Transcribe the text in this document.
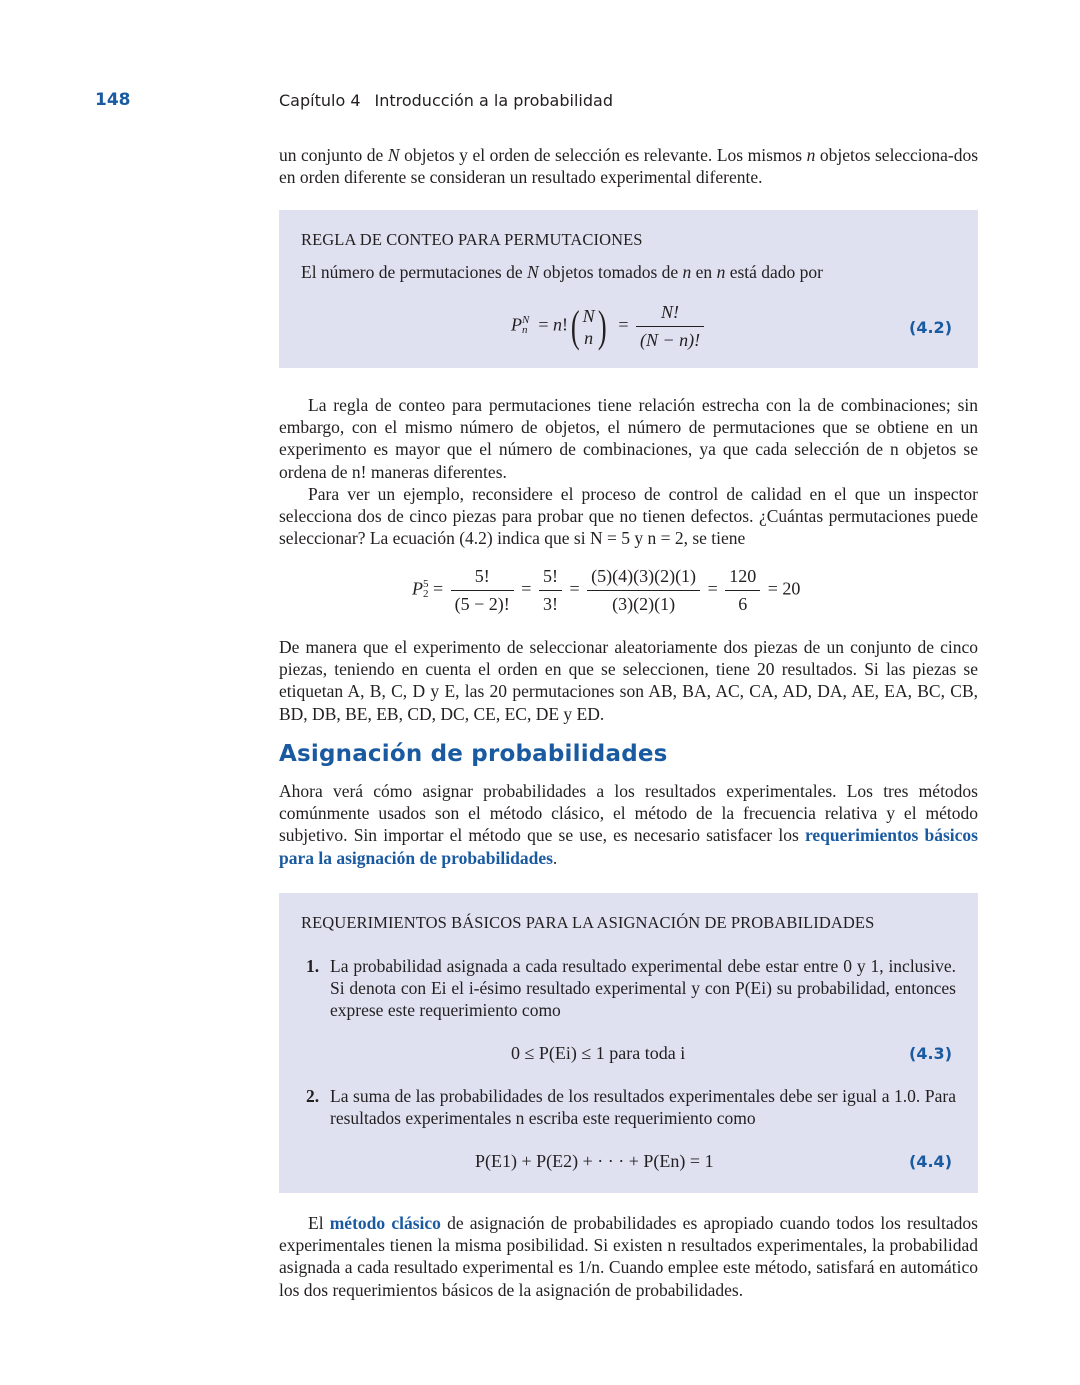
148	Capítulo 4 Introducción a la probabilidad

un conjunto de N objetos y el orden de selección es relevante. Los mismos n objetos selecciona-dos en orden diferente se consideran un resultado experimental diferente.

REGLA DE CONTEO PARA PERMUTACIONES
El número de permutaciones de N objetos tomados de n en n está dado por
PN
n  = n! ( N
n ) = $\frac{N!}{(N - n)!}$	(4.2)

La regla de conteo para permutaciones tiene relación estrecha con la de combinaciones; sin embargo, con el mismo número de objetos, el número de permutaciones que se obtiene en un experimento es mayor que el número de combinaciones, ya que cada selección de n objetos se ordena de n! maneras diferentes.

Para ver un ejemplo, reconsidere el proceso de control de calidad en el que un inspector selecciona dos de cinco piezas para probar que no tienen defectos. ¿Cuántas permutaciones puede seleccionar? La ecuación (4.2) indica que si N = 5 y n = 2, se tiene

P5
$2 = \frac{5!}{(5 - 2)!} = \frac{5!}{3!} = \frac{(5)(4)(3)(2)(1)}{(3)(2)(1)} = \frac{120}{6} = 20$

De manera que el experimento de seleccionar aleatoriamente dos piezas de un conjunto de cinco piezas, teniendo en cuenta el orden en que se seleccionen, tiene 20 resultados. Si las piezas se etiquetan A, B, C, D y E, las 20 permutaciones son AB, BA, AC, CA, AD, DA, AE, EA, BC, CB, BD, DB, BE, EB, CD, DC, CE, EC, DE y ED.

Asignación de probabilidades

Ahora verá cómo asignar probabilidades a los resultados experimentales. Los tres métodos comúnmente usados son el método clásico, el método de la frecuencia relativa y el método subjetivo. Sin importar el método que se use, es necesario satisfacer los requerimientos básicos para la asignación de probabilidades.

REQUERIMIENTOS BÁSICOS PARA LA ASIGNACIÓN DE PROBABILIDADES
1. La probabilidad asignada a cada resultado experimental debe estar entre 0 y 1, inclusive. Si denota con Ei el i-ésimo resultado experimental y con P(Ei) su probabilidad, entonces exprese este requerimiento como
0 ≤ P(Ei) ≤ 1 para toda i	(4.3)
2. La suma de las probabilidades de los resultados experimentales debe ser igual a 1.0. Para resultados experimentales n escriba este requerimiento como
P(E1) + P(E2) + · · · + P(En) = 1	(4.4)

El método clásico de asignación de probabilidades es apropiado cuando todos los resultados experimentales tienen la misma posibilidad. Si existen n resultados experimentales, la probabilidad asignada a cada resultado experimental es 1/n. Cuando emplee este método, satisfará en automático los dos requerimientos básicos de la asignación de probabilidades.
